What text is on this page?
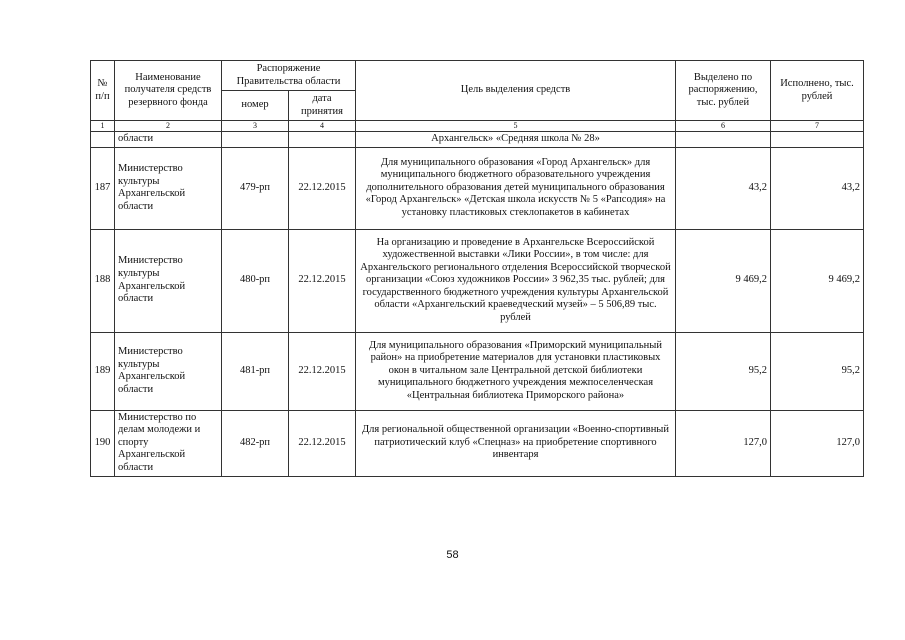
№ п/п	Наименование получателя средств резервного фонда	Распоряжение Правительства области		Цель выделения средств	Выделено по распоряжению, тыс. рублей	Исполнено, тыс. рублей
		номер	дата принятия			
1	2	3	4	5	6	7
	области			Архангельск» «Средняя школа № 28»		
187	Министерство культуры Архангельской области	479-рп	22.12.2015	Для муниципального образования «Город Архангельск» для муниципального бюджетного образовательного учреждения дополнительного образования детей муниципального образования «Город Архангельск» «Детская школа искусств № 5 «Рапсодия» на установку пластиковых стеклопакетов в кабинетах	43,2	43,2
188	Министерство культуры Архангельской области	480-рп	22.12.2015	На организацию и проведение в Архангельске Всероссийской художественной выставки «Лики России», в том числе: для Архангельского регионального отделения Всероссийской творческой организации «Союз художников России» 3 962,35 тыс. рублей; для государственного бюджетного учреждения культуры Архангельской области «Архангельский краеведческий музей» – 5 506,89 тыс. рублей	9 469,2	9 469,2
189	Министерство культуры Архангельской области	481-рп	22.12.2015	Для муниципального образования «Приморский муниципальный район» на приобретение материалов для установки пластиковых окон в читальном зале Центральной детской библиотеки муниципального бюджетного учреждения межпоселенческая «Центральная библиотека Приморского района»	95,2	95,2
190	Министерство по делам молодежи и спорту Архангельской области	482-рп	22.12.2015	Для региональной общественной организации «Военно-спортивный патриотический клуб «Спецназ» на приобретение спортивного инвентаря	127,0	127,0
58
